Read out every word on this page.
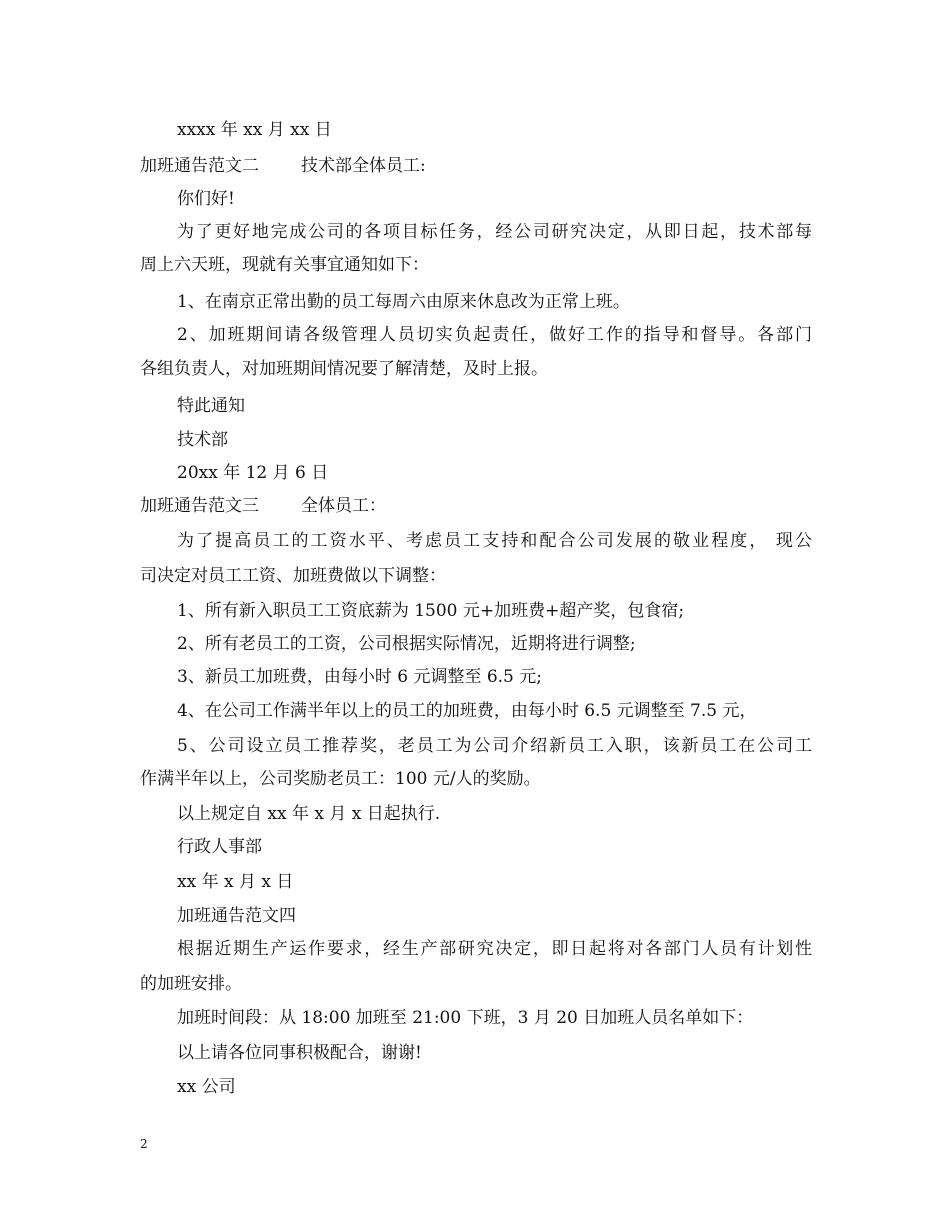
xxxx 年 xx 月 xx 日
加班通告范文二 技术部全体员工:
你们好!
为了更好地完成公司的各项目标任务，经公司研究决定，从即日起，技术部每
周上六天班，现就有关事宜通知如下：
1、在南京正常出勤的员工每周六由原来休息改为正常上班。
2、加班期间请各级管理人员切实负起责任，做好工作的指导和督导。各部门
各组负责人，对加班期间情况要了解清楚，及时上报。
特此通知
技术部
20xx 年 12 月 6 日
加班通告范文三 全体员工：
为了提高员工的工资水平、考虑员工支持和配合公司发展的敬业程度， 现公
司决定对员工工资、加班费做以下调整：
1、所有新入职员工工资底薪为 1500 元+加班费+超产奖，包食宿;
2、所有老员工的工资，公司根据实际情况，近期将进行调整;
3、新员工加班费，由每小时 6 元调整至 6.5 元;
4、在公司工作满半年以上的员工的加班费，由每小时 6.5 元调整至 7.5 元，
5、公司设立员工推荐奖，老员工为公司介绍新员工入职，该新员工在公司工
作满半年以上，公司奖励老员工：100 元/人的奖励。
以上规定自 xx 年 x 月 x 日起执行.
行政人事部
xx 年 x 月 x 日
加班通告范文四
根据近期生产运作要求，经生产部研究决定，即日起将对各部门人员有计划性
的加班安排。
加班时间段：从 18:00 加班至 21:00 下班，3 月 20 日加班人员名单如下：
以上请各位同事积极配合，谢谢!
xx 公司
2
